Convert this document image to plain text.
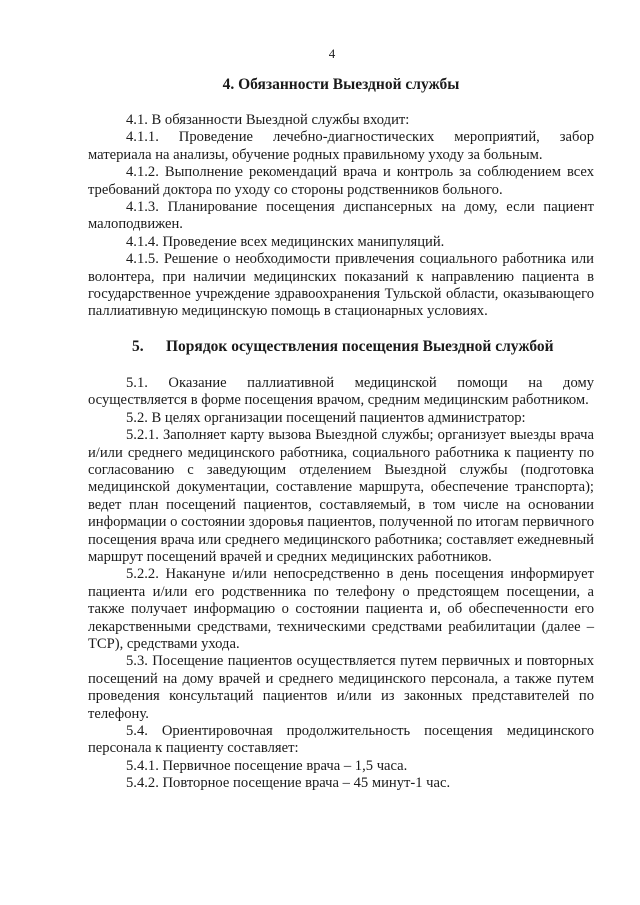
4
4. Обязанности Выездной службы

4.1. В обязанности Выездной службы входит:

4.1.1. Проведение лечебно-диагностических мероприятий, забор материала на анализы, обучение родных правильному уходу за больным.

4.1.2. Выполнение рекомендаций врача и контроль за соблюдением всех требований доктора по уходу со стороны родственников больного.

4.1.3. Планирование посещения диспансерных на дому, если пациент малоподвижен.

4.1.4. Проведение всех медицинских манипуляций.

4.1.5. Решение о необходимости привлечения социального работника или волонтера, при наличии медицинских показаний к направлению пациента в государственное учреждение здравоохранения Тульской области, оказывающего паллиативную медицинскую помощь в стационарных условиях.

5. Порядок осуществления посещения Выездной службой

5.1. Оказание паллиативной медицинской помощи на дому осуществляется в форме посещения врачом, средним медицинским работником.

5.2. В целях организации посещений пациентов администратор:

5.2.1. Заполняет карту вызова Выездной службы; организует выезды врача и/или среднего медицинского работника, социального работника к пациенту по согласованию с заведующим отделением Выездной службы (подготовка медицинской документации, составление маршрута, обеспечение транспорта); ведет план посещений пациентов, составляемый, в том числе на основании информации о состоянии здоровья пациентов, полученной по итогам первичного посещения врача или среднего медицинского работника; составляет ежедневный маршрут посещений врачей и средних медицинских работников.

5.2.2. Накануне и/или непосредственно в день посещения информирует пациента и/или его родственника по телефону о предстоящем посещении, а также получает информацию о состоянии пациента и, об обеспеченности его лекарственными средствами, техническими средствами реабилитации (далее – ТСР), средствами ухода.

5.3. Посещение пациентов осуществляется путем первичных и повторных посещений на дому врачей и среднего медицинского персонала, а также путем проведения консультаций пациентов и/или из законных представителей по телефону.

5.4. Ориентировочная продолжительность посещения медицинского персонала к пациенту составляет:

5.4.1. Первичное посещение врача – 1,5 часа.

5.4.2. Повторное посещение врача – 45 минут-1 час.
